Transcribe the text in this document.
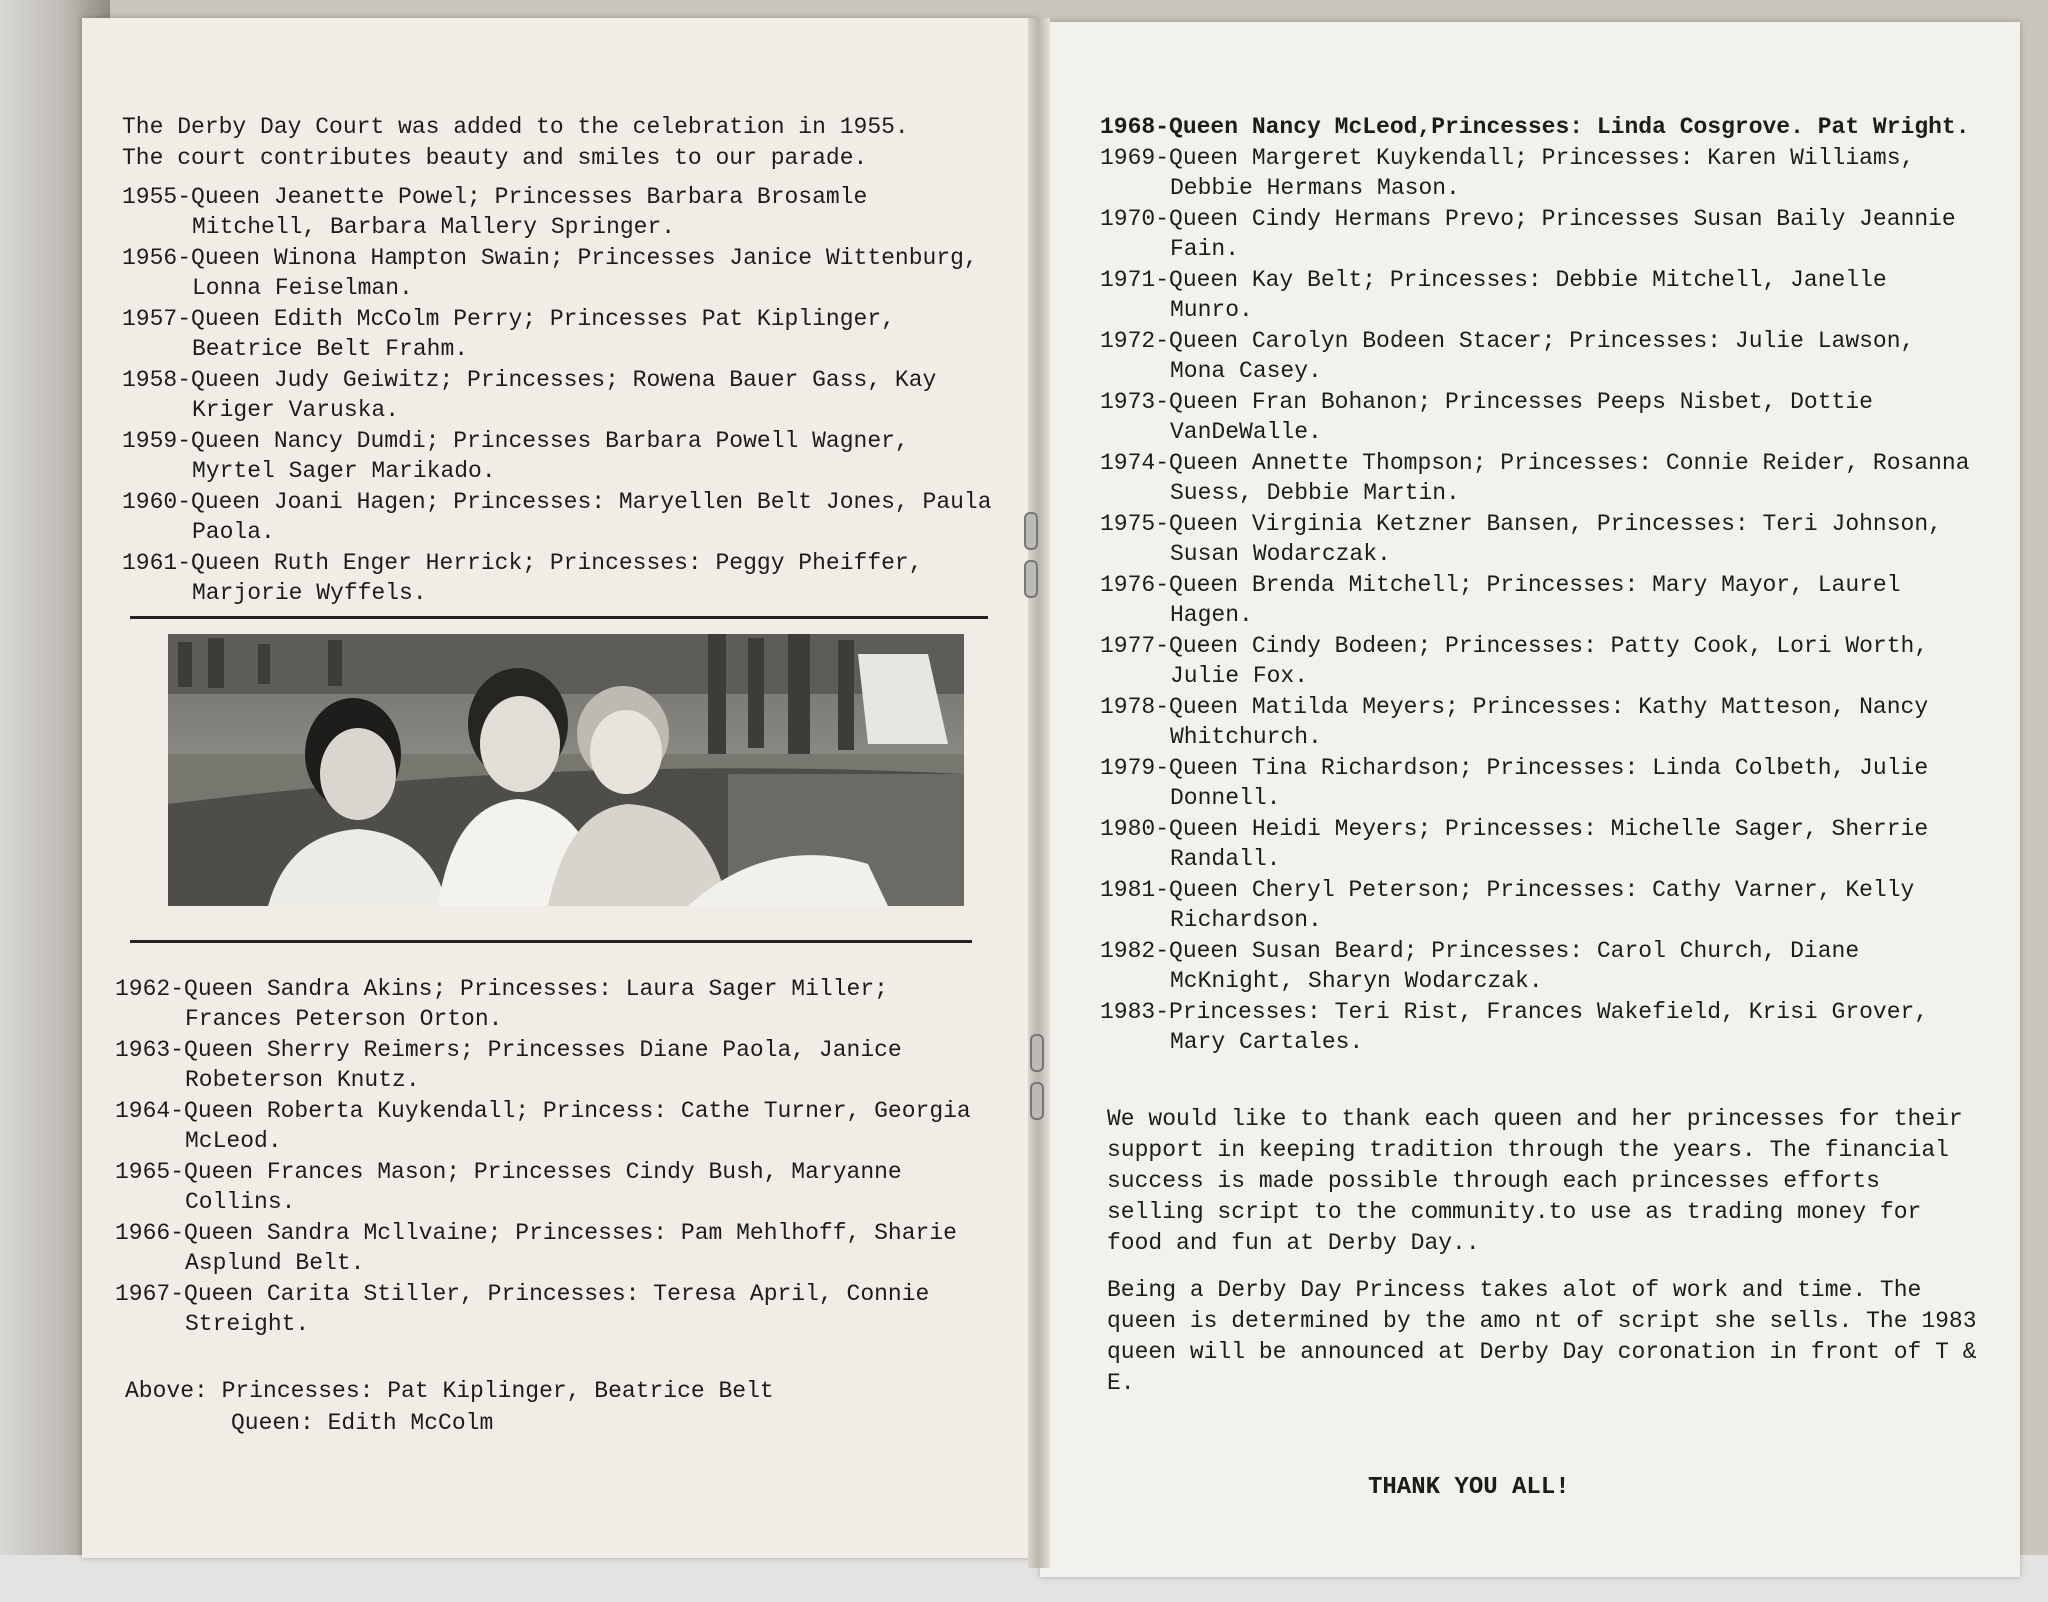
The Derby Day Court was added to the celebration in 1955.
The court contributes beauty and smiles to our parade.

1955-Queen Jeanette Powel; Princesses Barbara Brosamle Mitchell, Barbara Mallery Springer.

1956-Queen Winona Hampton Swain; Princesses Janice Wittenburg, Lonna Feiselman.

1957-Queen Edith McColm Perry; Princesses Pat Kiplinger, Beatrice Belt Frahm.

1958-Queen Judy Geiwitz; Princesses; Rowena Bauer Gass, Kay Kriger Varuska.

1959-Queen Nancy Dumdi; Princesses Barbara Powell Wagner, Myrtel Sager Marikado.

1960-Queen Joani Hagen; Princesses: Maryellen Belt Jones, Paula Paola.

1961-Queen Ruth Enger Herrick; Princesses: Peggy Pheiffer, Marjorie Wyffels.

1962-Queen Sandra Akins; Princesses: Laura Sager Miller; Frances Peterson Orton.

1963-Queen Sherry Reimers; Princesses Diane Paola, Janice Robeterson Knutz.

1964-Queen Roberta Kuykendall; Princess: Cathe Turner, Georgia McLeod.

1965-Queen Frances Mason; Princesses Cindy Bush, Maryanne Collins.

1966-Queen Sandra Mcllvaine; Princesses: Pam Mehlhoff, Sharie Asplund Belt.

1967-Queen Carita Stiller, Princesses: Teresa April, Connie Streight.

Above: Princesses: Pat Kiplinger, Beatrice Belt
Queen: Edith McColm

1968-Queen Nancy McLeod,Princesses: Linda Cosgrove. Pat Wright.

1969-Queen Margeret Kuykendall; Princesses: Karen Williams, Debbie Hermans Mason.

1970-Queen Cindy Hermans Prevo; Princesses Susan Baily Jeannie Fain.

1971-Queen Kay Belt; Princesses: Debbie Mitchell, Janelle Munro.

1972-Queen Carolyn Bodeen Stacer; Princesses: Julie Lawson, Mona Casey.

1973-Queen Fran Bohanon; Princesses Peeps Nisbet, Dottie VanDeWalle.

1974-Queen Annette Thompson; Princesses: Connie Reider, Rosanna Suess, Debbie Martin.

1975-Queen Virginia Ketzner Bansen, Princesses: Teri Johnson, Susan Wodarczak.

1976-Queen Brenda Mitchell; Princesses: Mary Mayor, Laurel Hagen.

1977-Queen Cindy Bodeen; Princesses: Patty Cook, Lori Worth, Julie Fox.

1978-Queen Matilda Meyers; Princesses: Kathy Matteson, Nancy Whitchurch.

1979-Queen Tina Richardson; Princesses: Linda Colbeth, Julie Donnell.

1980-Queen Heidi Meyers; Princesses: Michelle Sager, Sherrie Randall.

1981-Queen Cheryl Peterson; Princesses: Cathy Varner, Kelly Richardson.

1982-Queen Susan Beard; Princesses: Carol Church, Diane McKnight, Sharyn Wodarczak.

1983-Princesses: Teri Rist, Frances Wakefield, Krisi Grover, Mary Cartales.

We would like to thank each queen and her princesses for their support in keeping tradition through the years. The financial success is made possible through each princesses efforts selling script to the community.to use as trading money for food and fun at Derby Day..

Being a Derby Day Princess takes alot of work and time. The queen is determined by the amo nt of script she sells. The 1983 queen will be announced at Derby Day coronation in front of T & E.

THANK YOU ALL!
